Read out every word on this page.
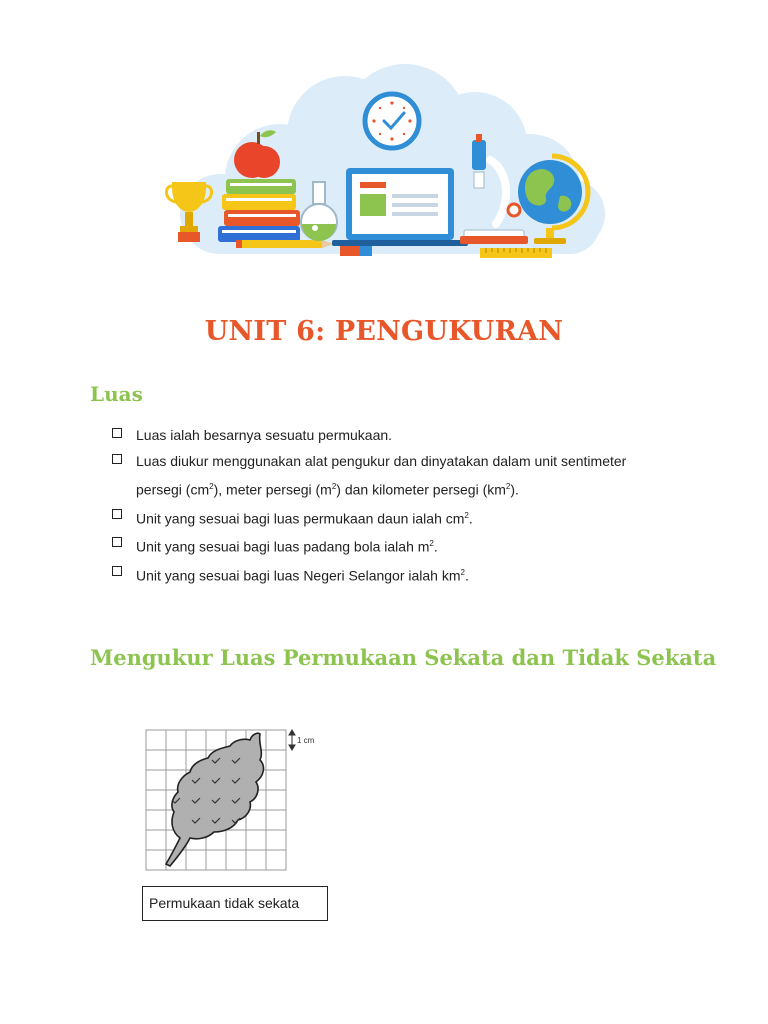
UNIT 6: PENGUKURAN
Luas
Luas ialah besarnya sesuatu permukaan.
Luas diukur menggunakan alat pengukur dan dinyatakan dalam unit sentimeter persegi $(cm^2)$, meter persegi $(m^2)$ dan kilometer persegi $(km^2)$.
Unit yang sesuai bagi luas permukaan daun ialah $cm^2$.
Unit yang sesuai bagi luas padang bola ialah $m^2$.
Unit yang sesuai bagi luas Negeri Selangor ialah $km^2$.
Mengukur Luas Permukaan Sekata dan Tidak Sekata
1 cm
Permukaan tidak sekata
